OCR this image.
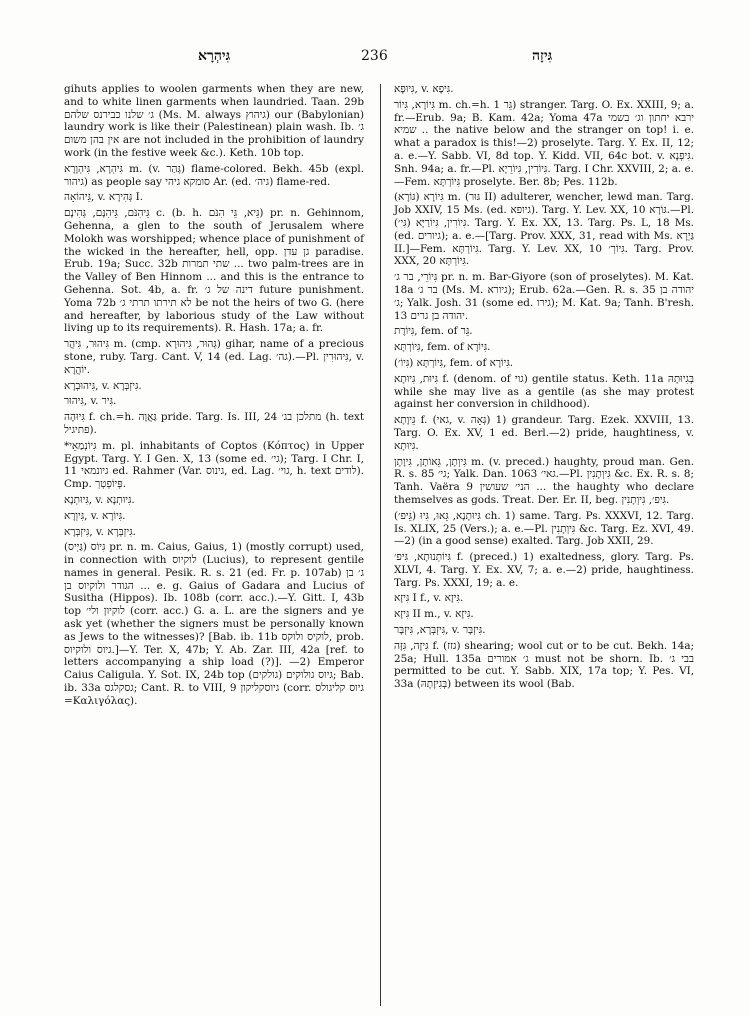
גִּיהְרָא	236	גִּיזָה

gihuts applies to woolen garments when they are new, and to white linen garments when laundried. Taan. 29b ג׳ שלנו כבירנס שלהם (Ms. M. always גיהוץ) our (Babylonian) laundry work is like their (Palestinean) plain wash. Ib. ג׳ אין בהן משום are not included in the prohibition of laundry work (in the festive week &c.). Keth. 10b top.

גִּיהְרָא, גִּיהְוָרָא m. (v. גְּהַר) flame-colored. Bekh. 45b (expl. גיהור) as people say סומקא גיהי Ar. (ed. גיה׳) flame-red.

גֵּיהוֹאָה, v. גְּהִירָא I.

גֵּיהִנֹּם, גֵּיהִנָּם, גְּהִינָם c. (b. h. גֵּיא, גֵּי הִנֹּם) pr. n. Gehinnom, Gehenna, a glen to the south of Jerusalem where Molokh was worshipped; whence place of punishment of the wicked in the hereafter, hell, opp. גן עדן paradise. Erub. 19a; Succ. 32b שתי תמרות ... two palm-trees are in the Valley of Ben Hinnom ... and this is the entrance to Gehenna. Sot. 4b, a. fr. דינה של ג׳ future punishment. Yoma 72b לא תירתו תרתי ג׳ be not the heirs of two G. (here and hereafter, by laborious study of the Law without living up to its requirements). R. Hash. 17a; a. fr.

גִּיהוּר, גִּיהֲר m. (cmp. גְּהוּר, גִּיהוּרָא) gihar, name of a precious stone, ruby. Targ. Cant. V, 14 (ed. Lag. גה׳).—Pl. גִּיהוּרִין, v. יוֹהֲרָא.

גִּיהוּבְרָא, v. גִּיזְבְּרָא.

גִּיהוּר, v. גִּיר.

גִּיוּהָה f. ch.=h. גַּאֲוָה pride. Targ. Is. III, 24 מתלכן בג׳ (h. text פתיגיל).

*גִּיוֹנְמַאֵי m. pl. inhabitants of Coptos (Κόπτος) in Upper Egypt. Targ. Y. I Gen. X, 13 (some ed. גי׳); Targ. I Chr. I, 11 גיונמאי ed. Rahmer (Var. גינוס, ed. Lag. גוי׳, h. text לודים). Cmp. פְּיוֹפְטְרְ.

גִּיוּתְנָא, v. גִּיוּתְנָא.

גִּיוְרָא, v. גִּיוֹרָא.

גִּיזְבְּרָא, v. גִּיזְבְּרָא.

גִּיוֹס (גַּיְיס) pr. n. m. Caius, Gaius, 1) (mostly corrupt) used, in connection with לוקיוס (Lucius), to represent gentile names in general. Pesik. R. s. 21 (ed. Fr. p. 107ab) ג׳ בן הגודר ולוקיוס בן ... e. g. Gaius of Gadara and Lucius of Susitha (Hippos). Ib. 108b (corr. acc.).—Y. Gitt. I, 43b top לוקיון ולי׳ (corr. acc.) G. a. L. are the signers and ye ask yet (whether the signers must be personally known as Jews to the witnesses)? [Bab. ib. 11b לוקיס ולוקס, prob. גיוס ולוקיוס.]—Y. Ter. X, 47b; Y. Ab. Zar. III, 42a [ref. to letters accompanying a ship load (?)]. —2) Emperor Caius Caligula. Y. Sot. IX, 24b top גיוס גולוקים (גולקים); Bab. ib. 33a גסקלגס; Cant. R. to VIII, 9 גיוסקליקון (corr. גיוס קליגולס =Καλιγόλας).

גִּיוּפָא, v. גִּיפָא.

גִּיוֹרָא, גִּיוֹר m. ch.=h. גֵּר 1) stranger. Targ. O. Ex. XXIII, 9; a. fr.—Erub. 9a; B. Kam. 42a; Yoma 47a ירבא יחתון וג׳ בשמי שמיא .. the native below and the stranger on top! i. e. what a paradox is this!—2) proselyte. Targ. Y. Ex. II, 12; a. e.—Y. Sabb. VI, 8d top. Y. Kidd. VII, 64c bot. v. גִּיפְנָא. Snh. 94a; a. fr.—Pl. גִּיוֹרִין, גִּיוֹרֵיָא. Targ. I Chr. XXVIII, 2; a. e.—Fem. גִּיוֹרְתָּא proselyte. Ber. 8b; Pes. 112b.

גִּיוֹרָא (גּוֹרָא) m. (גּוּר II) adulterer, wencher, lewd man. Targ. Job XXIV, 15 Ms. (ed. גיופא). Targ. Y. Lev. XX, 10 גּוֹרָא.—Pl. גִּיוֹרִין, גִּיוֹרַיָּא (גִּי׳). Targ. Y. Ex. XX, 13. Targ. Ps. L, 18 Ms. (ed. גיורים); a. e.—[Targ. Prov. XXX, 31, read with Ms. גַּיְרָא II.]—Fem. גִּיוֹרְתָּא. Targ. Y. Lev. XX, 10 גִּיוֹרְ׳. Targ. Prov. XXX, 20 גִּיוֹרְתָּא.

גִּיוֹרֵי, בר ג׳ pr. n. m. Bar-Giyore (son of proselytes). M. Kat. 18a בר ג׳ (Ms. M. גיורא); Erub. 62a.—Gen. R. s. 35 יהודה בן ג׳; Yalk. Josh. 31 (some ed. גירו); M. Kat. 9a; Tanh. B'resh. 13 יהודה בן גרים.

גִּיוֹרֶת, fem. of גֵּר.

גִּיוֹרְתָּא, fem. of גִּיוֹרָא.

גִּיוֹרְתָּא (גִּיוֹ׳), fem. of גִּיוֹרָא.

גִּיוּת, גִּיוּתָא f. (denom. of גוי) gentile status. Keth. 11a בְּגִיוּתָהּ while she may live as a gentile (as she may protest against her conversion in childhood).

גֵּיוָתָא f. (גאי, v. גְּאָה) 1) grandeur. Targ. Ezek. XXVIII, 13. Targ. O. Ex. XV, 1 ed. Berl.—2) pride, haughtiness, v. גִּיוּתָא.

גִּיוְתָן, גֵּאוֹתָן, גִּיוָתָן m. (v. preced.) haughty, proud man. Gen. R. s. 85 גי׳; Yalk. Dan. 1063 גאי׳.—Pl. גִּיוְתָנִין &c. Ex. R. s. 8; Tanh. Vaëra 9 הני׳ שעושין ... the haughty who declare themselves as gods. Treat. Der. Er. II, beg. גִּיפ׳, גִּיוְתָנִין.

גִּיוּתָנָא, גֵּאוּ, גִּיוּ (גֵּיפ׳) ch. 1) same. Targ. Ps. XXXVI, 12. Targ. Is. XLIX, 25 (Vers.); a. e.—Pl. גִּיוְתָנִין &c. Targ. Ez. XVI, 49.—2) (in a good sense) exalted. Targ. Job XXII, 29.

גִּיוֹתְנוּתָא, גִּיפ׳ f. (preced.) 1) exaltedness, glory. Targ. Ps. XLVI, 4. Targ. Y. Ex. XV, 7; a. e.—2) pride, haughtiness. Targ. Ps. XXXI, 19; a. e.

גִּיזָא I f., v. גִּיזָא.

גִּיזָא II m., v. גִּיזָא.

גִּיזְבְּרָא, גִּיזְבָּר, v. גִּיזְבָּר.

גִּיזָה, גִּזָּה f. (גזז) shearing; wool cut or to be cut. Bekh. 14a; 25a; Hull. 135a ג׳ אמורים must not be shorn. Ib. בבי ג׳ permitted to be cut. Y. Sabb. XIX, 17a top; Y. Pes. VI, 33a (בְּגִיזָתָהּ) between its wool (Bab.
